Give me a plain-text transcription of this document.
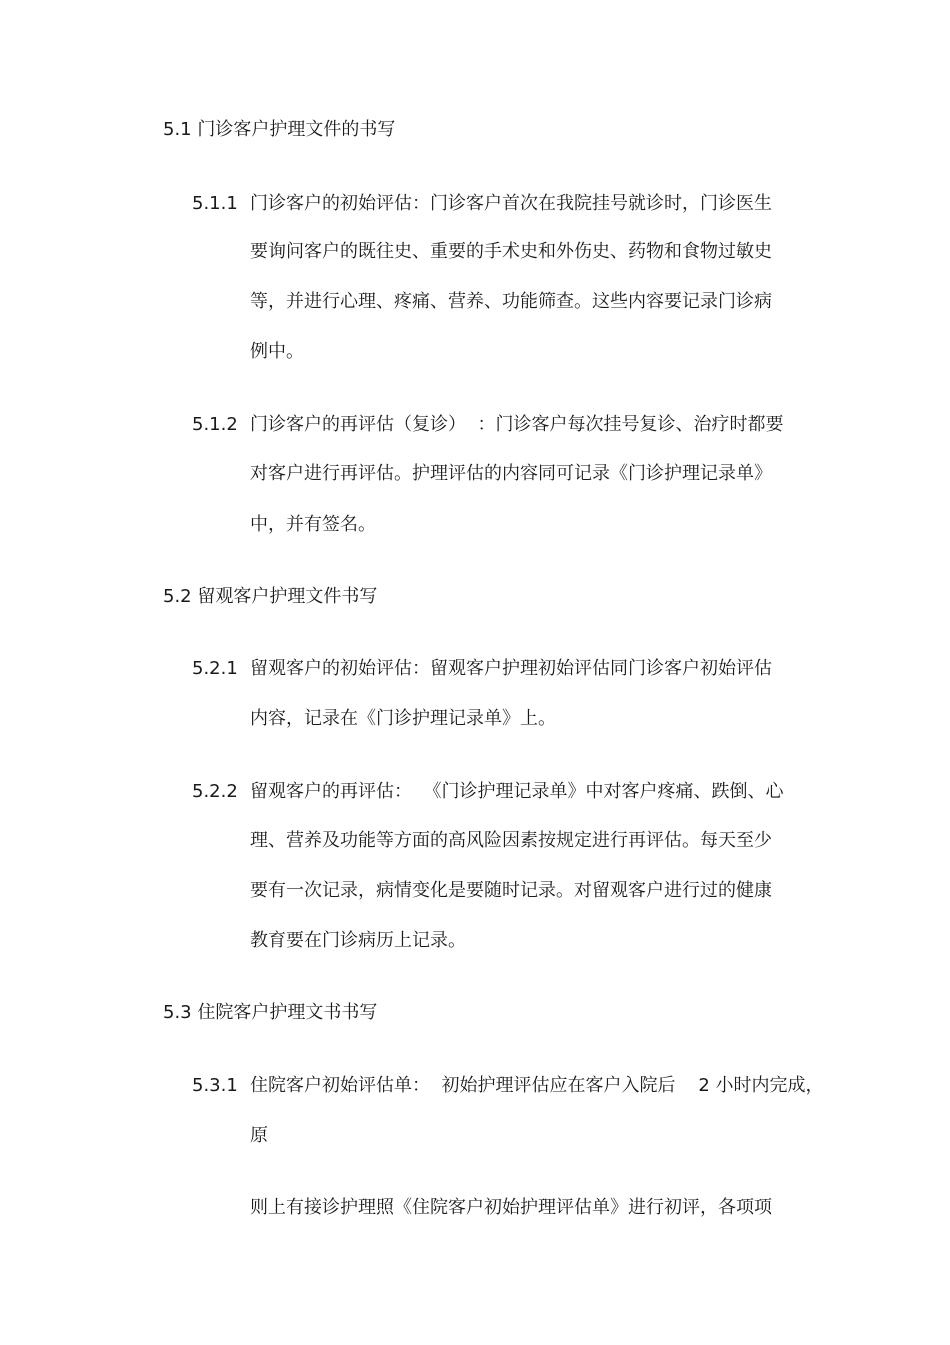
5.1 门诊客户护理文件的书写
5.1.1 门诊客户的初始评估：门诊客户首次在我院挂号就诊时，门诊医生
要询问客户的既往史、重要的手术史和外伤史、药物和食物过敏史
等，并进行心理、疼痛、营养、功能筛查。这些内容要记录门诊病
例中。
5.1.2 门诊客户的再评估（复诊）  ：门诊客户每次挂号复诊、治疗时都要
对客户进行再评估。护理评估的内容同可记录《门诊护理记录单》
中，并有签名。
5.2 留观客户护理文件书写
5.2.1 留观客户的初始评估：留观客户护理初始评估同门诊客户初始评估
内容，记录在《门诊护理记录单》上。
5.2.2 留观客户的再评估：  《门诊护理记录单》中对客户疼痛、跌倒、心
理、营养及功能等方面的高风险因素按规定进行再评估。每天至少
要有一次记录，病情变化是要随时记录。对留观客户进行过的健康
教育要在门诊病历上记录。
5.3 住院客户护理文书书写
5.3.1 住院客户初始评估单：  初始护理评估应在客户入院后    2 小时内完成，
原
则上有接诊护理照《住院客户初始护理评估单》进行初评，各项项
